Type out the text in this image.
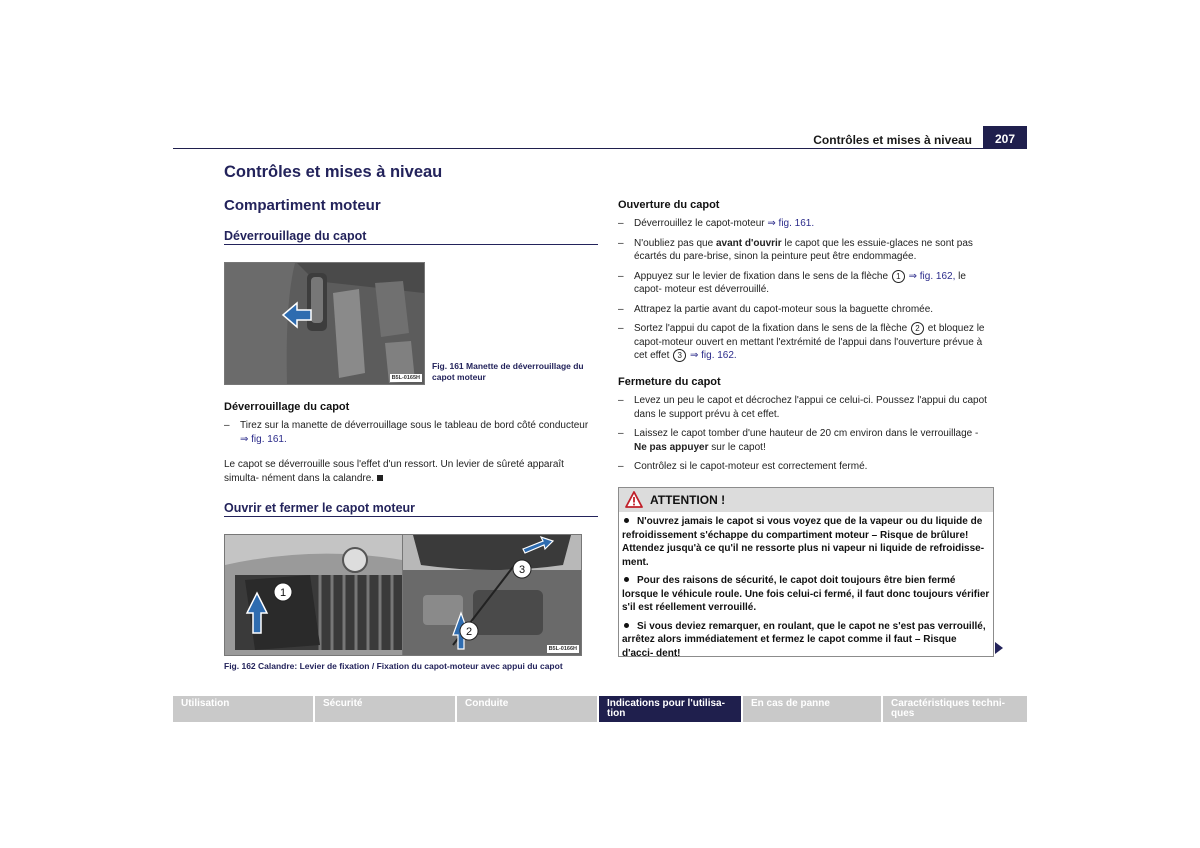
Contrôles et mises à niveau	207
Contrôles et mises à niveau
Compartiment moteur
Déverrouillage du capot
B5L-0165H
Fig. 161 Manette de déverrouillage du capot moteur
Déverrouillage du capot
– Tirez sur la manette de déverrouillage sous le tableau de bord côté conducteur
⇒ fig. 161.
Le capot se déverrouille sous l'effet d'un ressort. Un levier de sûreté apparaît simulta- nément dans la calandre.
Ouvrir et fermer le capot moteur
1
2
3
B5L-0166H
Fig. 162 Calandre: Levier de fixation / Fixation du capot-moteur avec appui du capot
Ouverture du capot
– Déverrouillez le capot-moteur ⇒ fig. 161.
– N'oubliez pas que avant d'ouvrir le capot que les essuie-glaces ne sont pas écartés du pare-brise, sinon la peinture peut être endommagée.
– Appuyez sur le levier de fixation dans le sens de la flèche 1 ⇒ fig. 162, le capot- moteur est déverrouillé.
– Attrapez la partie avant du capot-moteur sous la baguette chromée.
– Sortez l'appui du capot de la fixation dans le sens de la flèche 2 et bloquez le capot-moteur ouvert en mettant l'extrémité de l'appui dans l'ouverture prévue à cet effet 3 ⇒ fig. 162.
Fermeture du capot
– Levez un peu le capot et décrochez l'appui ce celui-ci. Poussez l'appui du capot dans le support prévu à cet effet.
– Laissez le capot tomber d'une hauteur de 20 cm environ dans le verrouillage - Ne pas appuyer sur le capot!
– Contrôlez si le capot-moteur est correctement fermé.
ATTENTION !

N'ouvrez jamais le capot si vous voyez que de la vapeur ou du liquide de refroidissement s'échappe du compartiment moteur – Risque de brûlure! Attendez jusqu'à ce qu'il ne ressorte plus ni vapeur ni liquide de refroidisse- ment.

Pour des raisons de sécurité, le capot doit toujours être bien fermé lorsque le véhicule roule. Une fois celui-ci fermé, il faut donc toujours vérifier s'il est réellement verrouillé.

Si vous deviez remarquer, en roulant, que le capot ne s'est pas verrouillé, arrêtez alors immédiatement et fermez le capot comme il faut – Risque d'acci- dent!

Utilisation	Sécurité	Conduite	Indications pour l'utilisa- tion
En cas de panne	Caractéristiques techni- ques
